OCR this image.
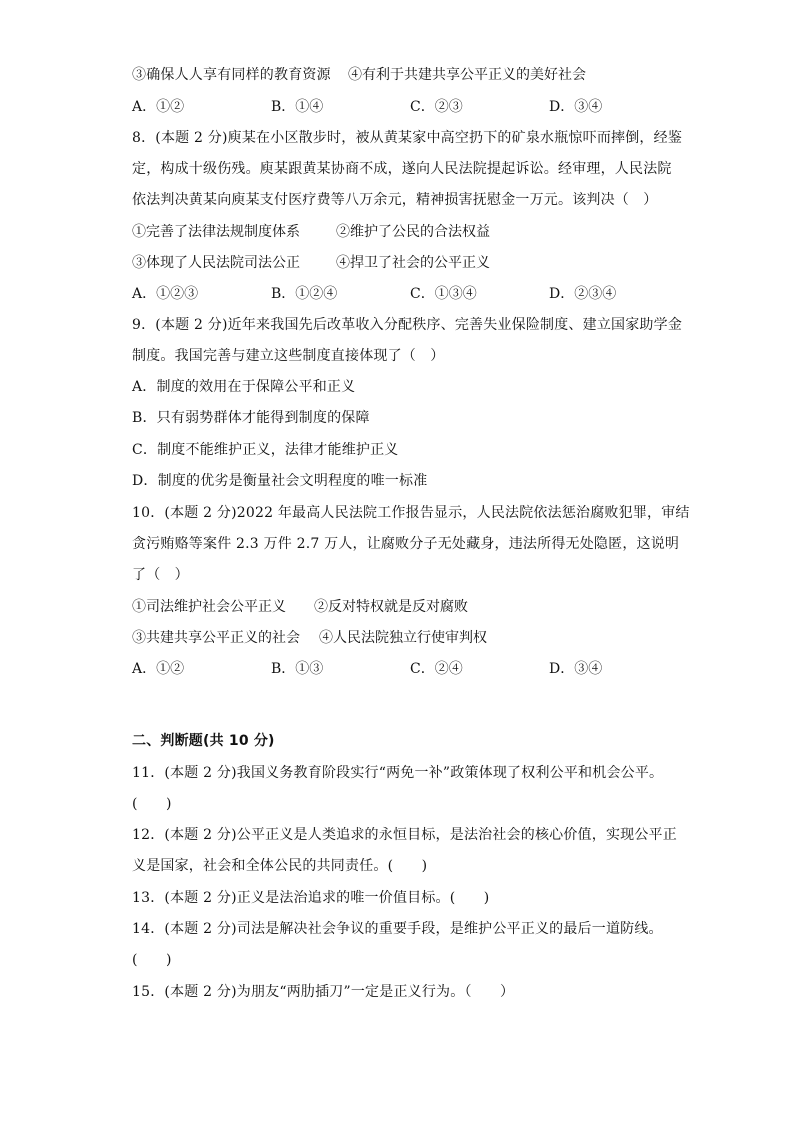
③确保人人享有同样的教育资源 ④有利于共建共享公平正义的美好社会
A．①②	B．①④	C．②③	D．③④
8．(本题 2 分)庾某在小区散步时，被从黄某家中高空扔下的矿泉水瓶惊吓而摔倒，经鉴
定，构成十级伤残。庾某跟黄某协商不成，遂向人民法院提起诉讼。经审理，人民法院
依法判决黄某向庾某支付医疗费等八万余元，精神损害抚慰金一万元。该判决（　）
①完善了法律法规制度体系	②维护了公民的合法权益
③体现了人民法院司法公正	④捍卫了社会的公平正义
A．①②③	B．①②④	C．①③④	D．②③④
9．(本题 2 分)近年来我国先后改革收入分配秩序、完善失业保险制度、建立国家助学金
制度。我国完善与建立这些制度直接体现了（　）
A．制度的效用在于保障公平和正义
B．只有弱势群体才能得到制度的保障
C．制度不能维护正义，法律才能维护正义
D．制度的优劣是衡量社会文明程度的唯一标准
10．(本题 2 分)2022 年最高人民法院工作报告显示，人民法院依法惩治腐败犯罪，审结
贪污贿赂等案件 2.3 万件 2.7 万人，让腐败分子无处藏身，违法所得无处隐匿，这说明
了（　）
①司法维护社会公平正义 ②反对特权就是反对腐败
③共建共享公平正义的社会 ④人民法院独立行使审判权
A．①②	B．①③	C．②④	D．③④
二、判断题(共 10 分)
11．(本题 2 分)我国义务教育阶段实行“两免一补”政策体现了权利公平和机会公平。
(　　)
12．(本题 2 分)公平正义是人类追求的永恒目标，是法治社会的核心价值，实现公平正
义是国家，社会和全体公民的共同责任。(　　)
13．(本题 2 分)正义是法治追求的唯一价值目标。(　　)
14．(本题 2 分)司法是解决社会争议的重要手段，是维护公平正义的最后一道防线。
(　　)
15．(本题 2 分)为朋友“两肋插刀”一定是正义行为。（　　）
